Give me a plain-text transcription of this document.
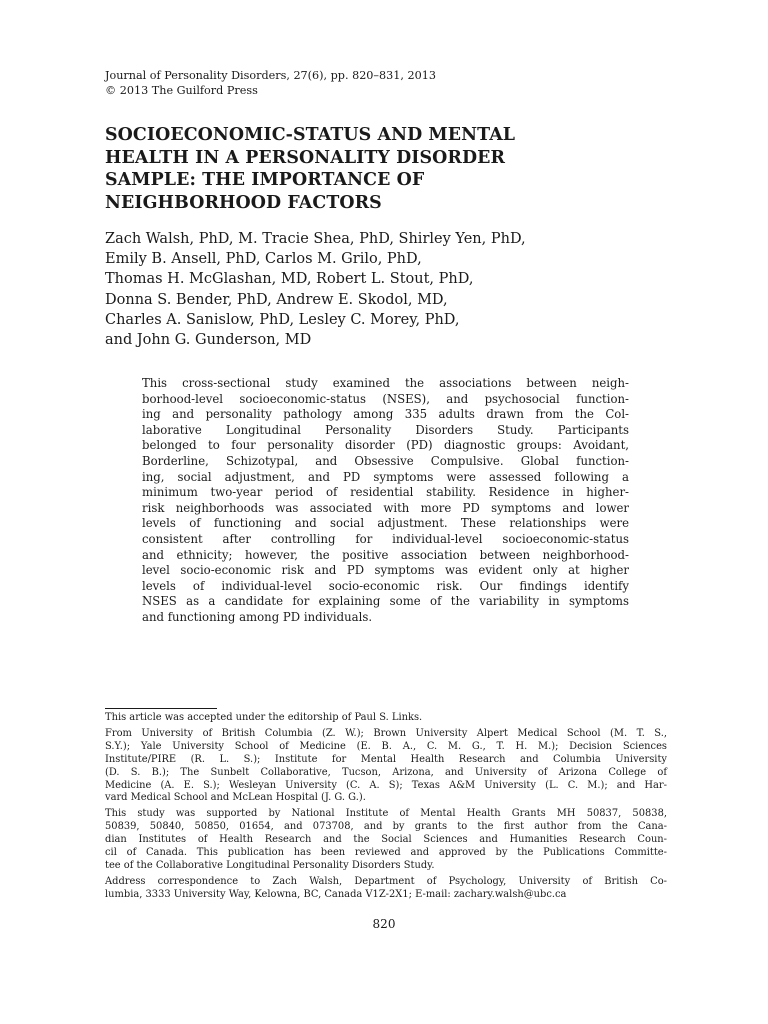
Journal of Personality Disorders, 27(6), pp. 820–831, 2013
© 2013 The Guilford Press
SOCIOECONOMIC-STATUS AND MENTAL
HEALTH IN A PERSONALITY DISORDER
SAMPLE: THE IMPORTANCE OF
NEIGHBORHOOD FACTORS
Zach Walsh, PhD, M. Tracie Shea, PhD, Shirley Yen, PhD,
Emily B. Ansell, PhD, Carlos M. Grilo, PhD,
Thomas H. McGlashan, MD, Robert L. Stout, PhD,
Donna S. Bender, PhD, Andrew E. Skodol, MD,
Charles A. Sanislow, PhD, Lesley C. Morey, PhD,
and John G. Gunderson, MD
This cross-sectional study examined the associations between neigh-
borhood-level socioeconomic-status (NSES), and psychosocial function-
ing and personality pathology among 335 adults drawn from the Col-
laborative Longitudinal Personality Disorders Study. Participants
belonged to four personality disorder (PD) diagnostic groups: Avoidant,
Borderline, Schizotypal, and Obsessive Compulsive. Global function-
ing, social adjustment, and PD symptoms were assessed following a
minimum two-year period of residential stability. Residence in higher-
risk neighborhoods was associated with more PD symptoms and lower
levels of functioning and social adjustment. These relationships were
consistent after controlling for individual-level socioeconomic-status
and ethnicity; however, the positive association between neighborhood-
level socio-economic risk and PD symptoms was evident only at higher
levels of individual-level socio-economic risk. Our findings identify
NSES as a candidate for explaining some of the variability in symptoms
and functioning among PD individuals.
This article was accepted under the editorship of Paul S. Links.
From University of British Columbia (Z. W.); Brown University Alpert Medical School (M. T. S.,
S.Y.); Yale University School of Medicine (E. B. A., C. M. G., T. H. M.); Decision Sciences
Institute/PIRE (R. L. S.); Institute for Mental Health Research and Columbia University
(D. S. B.); The Sunbelt Collaborative, Tucson, Arizona, and University of Arizona College of
Medicine (A. E. S.); Wesleyan University (C. A. S); Texas A&M University (L. C. M.); and Har-
vard Medical School and McLean Hospital (J. G. G.).
This study was supported by National Institute of Mental Health Grants MH 50837, 50838,
50839, 50840, 50850, 01654, and 073708, and by grants to the first author from the Cana-
dian Institutes of Health Research and the Social Sciences and Humanities Research Coun-
cil of Canada. This publication has been reviewed and approved by the Publications Committe-
tee of the Collaborative Longitudinal Personality Disorders Study.
Address correspondence to Zach Walsh, Department of Psychology, University of British Co-
lumbia, 3333 University Way, Kelowna, BC, Canada V1Z-2X1; E-mail: zachary.walsh@ubc.ca
820
